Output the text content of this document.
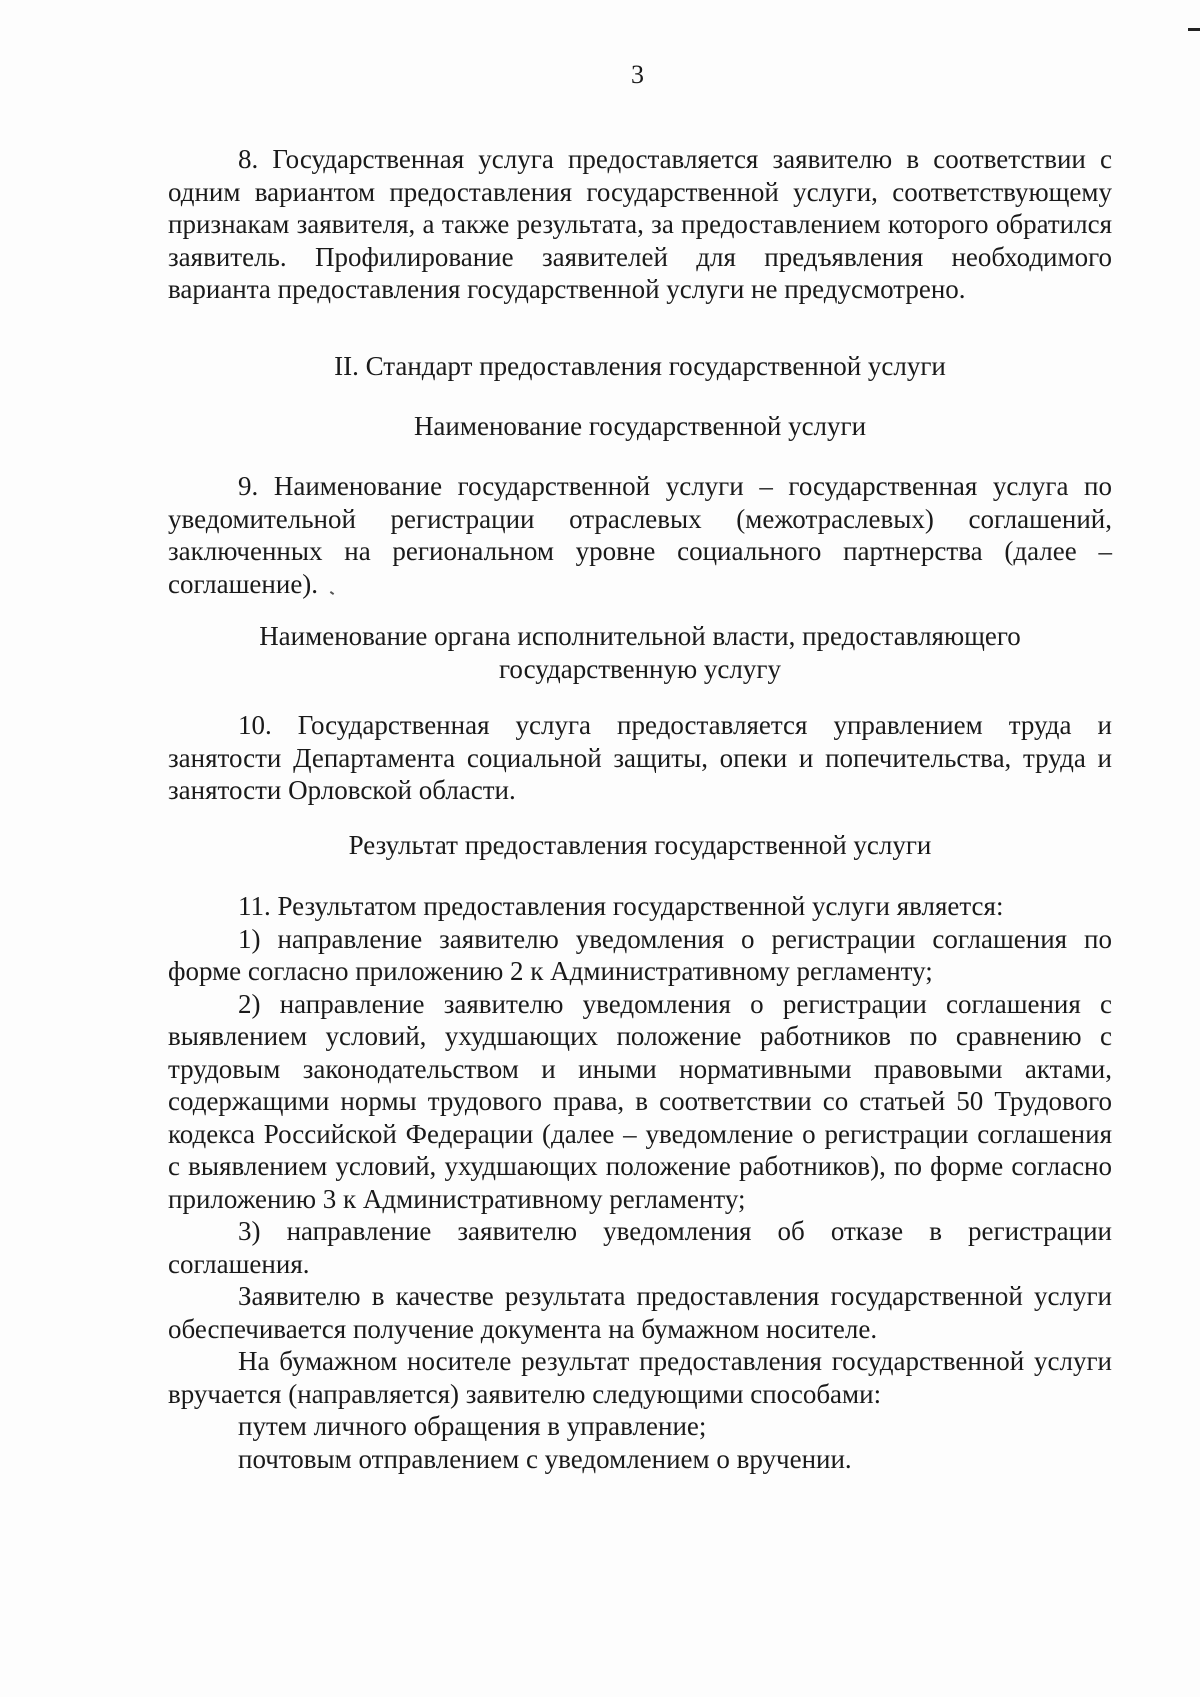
3

8. Государственная услуга предоставляется заявителю в соответствии с одним вариантом предоставления государственной услуги, соответствующему признакам заявителя, а также результата, за предоставлением которого обратился заявитель. Профилирование заявителей для предъявления необходимого варианта предоставления государственной услуги не предусмотрено.

II. Стандарт предоставления государственной услуги

Наименование государственной услуги

9. Наименование государственной услуги – государственная услуга по уведомительной регистрации отраслевых (межотраслевых) соглашений, заключенных на региональном уровне социального партнерства (далее – соглашение).

Наименование органа исполнительной власти, предоставляющего
государственную услугу

10. Государственная услуга предоставляется управлением труда и занятости Департамента социальной защиты, опеки и попечительства, труда и занятости Орловской области.

Результат предоставления государственной услуги

11. Результатом предоставления государственной услуги является:

1) направление заявителю уведомления о регистрации соглашения по форме согласно приложению 2 к Административному регламенту;

2) направление заявителю уведомления о регистрации соглашения с выявлением условий, ухудшающих положение работников по сравнению с трудовым законодательством и иными нормативными правовыми актами, содержащими нормы трудового права, в соответствии со статьей 50 Трудового кодекса Российской Федерации (далее – уведомление о регистрации соглашения с выявлением условий, ухудшающих положение работников), по форме согласно приложению 3 к Административному регламенту;

3) направление заявителю уведомления об отказе в регистрации соглашения.

Заявителю в качестве результата предоставления государственной услуги обеспечивается получение документа на бумажном носителе.

На бумажном носителе результат предоставления государственной услуги вручается (направляется) заявителю следующими способами:

путем личного обращения в управление;

почтовым отправлением с уведомлением о вручении.
